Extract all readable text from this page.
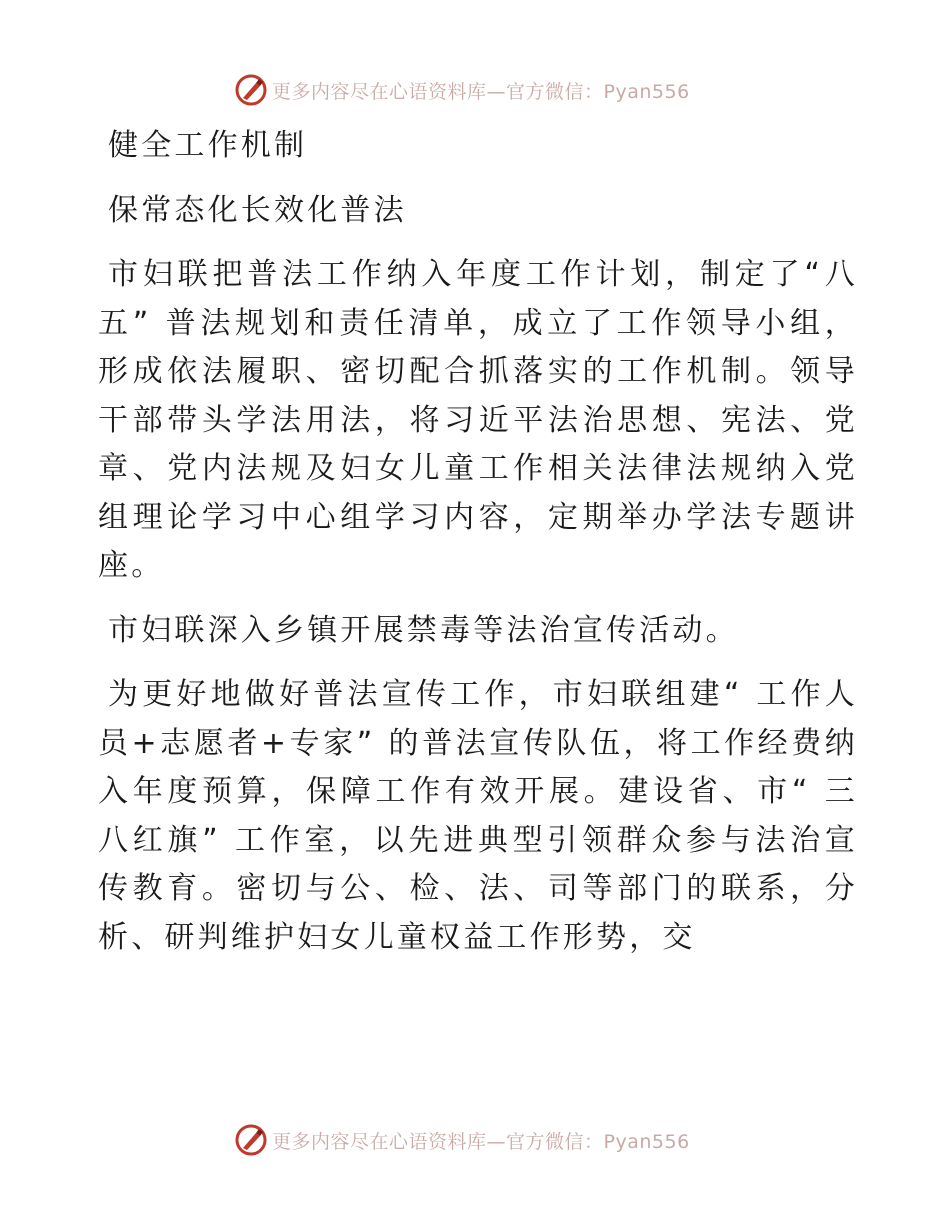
更多内容尽在心语资料库—官方微信：Pyan556

健全工作机制

保常态化长效化普法

市妇联把普法工作纳入年度工作计划，制定了“八五” 普法规划和责任清单，成立了工作领导小组，形成依法履职、密切配合抓落实的工作机制。领导干部带头学法用法，将习近平法治思想、宪法、党章、党内法规及妇女儿童工作相关法律法规纳入党组理论学习中心组学习内容，定期举办学法专题讲座。

市妇联深入乡镇开展禁毒等法治宣传活动。

为更好地做好普法宣传工作，市妇联组建“ 工作人员+志愿者+专家” 的普法宣传队伍，将工作经费纳入年度预算，保障工作有效开展。建设省、市“ 三八红旗” 工作室，以先进典型引领群众参与法治宣传教育。密切与公、检、法、司等部门的联系，分析、研判维护妇女儿童权益工作形势，交

更多内容尽在心语资料库—官方微信：Pyan556
